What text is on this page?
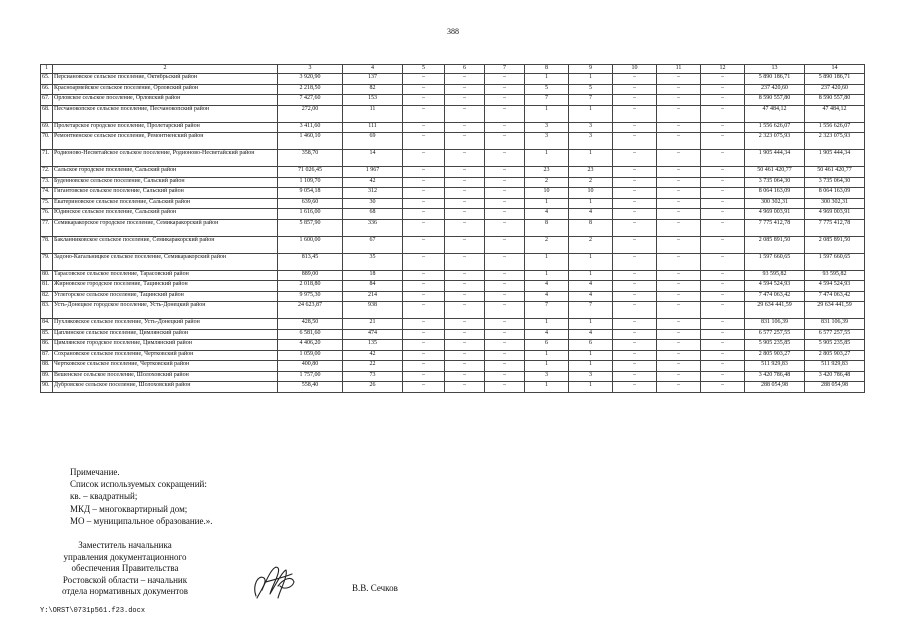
388
1	2	3	4	5	6	7	8	9	10	11	12	13	14
65.	Персиановское сельское поселение, Октябрьский район	3 920,90	137	–	–	–	1	1	–	–	–	5 890 186,71	5 890 186,71
66.	Красноармейское сельское поселение, Орловский район	2 218,50	82	–	–	–	5	5	–	–	–	237 420,60	237 420,60
67.	Орловское сельское поселение, Орловский район	7 427,60	153	–	–	–	7	7	–	–	–	8 590 557,80	8 590 557,80
68.	Песчанокопское сельское поселение, Песчанокопский район	272,00	11	–	–	–	1	1	–	–	–	47 484,12	47 484,12
69.	Пролетарское городское поселение, Пролетарский район	3 411,60	111	–	–	–	3	3	–	–	–	1 556 626,07	1 556 626,07
70.	Ремонтненское сельское поселение, Ремонтненский район	1 460,10	69	–	–	–	3	3	–	–	–	2 323 075,93	2 323 075,93
71.	Родионово-Несветайское сельское поселение, Родионово-Несветайский район	358,70	14	–	–	–	1	1	–	–	–	1 905 444,34	1 905 444,34
72.	Сальское городское поселение, Сальский район	71 026,45	1 967	–	–	–	23	23	–	–	–	50 461 420,77	50 461 420,77
73.	Буденновское сельское поселение, Сальский район	1 109,70	42	–	–	–	2	2	–	–	–	3 735 064,30	3 735 064,30
74.	Гигантовское сельское поселение, Сальский район	9 054,18	312	–	–	–	10	10	–	–	–	8 064 163,09	8 064 163,09
75.	Екатериновское сельское поселение, Сальский район	639,60	30	–	–	–	1	1	–	–	–	300 302,31	300 302,31
76.	Юдинское сельское поселение, Сальский район	1 616,00	68	–	–	–	4	4	–	–	–	4 969 003,91	4 969 003,91
77.	Семикаракорское городское поселение, Семикаракорский район	5 857,90	336	–	–	–	8	8	–	–	–	7 775 412,78	7 775 412,78
78.	Бакланниковское сельское поселение, Семикаракорский район	1 600,00	67	–	–	–	2	2	–	–	–	2 085 891,50	2 085 891,50
79.	Задоно-Кагальницкое сельское поселение, Семикаракорский район	813,45	35	–	–	–	1	1	–	–	–	1 597 660,65	1 597 660,65
80.	Тарасовское сельское поселение, Тарасовский район	889,00	18	–	–	–	1	1	–	–	–	93 595,82	93 595,82
81.	Жирновское городское поселение, Тацинский район	2 018,80	84	–	–	–	4	4	–	–	–	4 594 524,93	4 594 524,93
82.	Углегорское сельское поселение, Тацинский район	9 975,30	214	–	–	–	4	4	–	–	–	7 474 063,42	7 474 063,42
83.	Усть-Донецкое городское поселение, Усть-Донецкий район	24 623,87	938	–	–	–	7	7	–	–	–	29 634 441,59	29 634 441,59
84.	Пухляковское сельское поселение, Усть-Донецкий район	428,50	21	–	–	–	1	1	–	–	–	831 106,39	831 106,39
85.	Цаплинское сельское поселение, Цимлянский район	6 581,60	474	–	–	–	4	4	–	–	–	6 577 257,55	6 577 257,55
86.	Цимлянское городское поселение, Цимлянский район	4 406,20	135	–	–	–	6	6	–	–	–	5 905 235,85	5 905 235,85
87.	Сохрановское сельское поселение, Чертковский район	1 059,00	42	–	–	–	1	1	–	–	–	2 805 903,27	2 805 903,27
88.	Чертковское сельское поселение, Чертковский район	400,80	22	–	–	–	1	1	–	–	–	511 929,83	511 929,83
89.	Вешенское сельское поселение, Шолоховский район	1 757,00	73	–	–	–	3	3	–	–	–	3 420 786,48	3 420 786,48
90.	Дубровское сельское поселение, Шолоховский район	558,40	26	–	–	–	1	1	–	–	–	288 054,98	288 054,98
Примечание.
Список используемых сокращений:
кв. – квадратный;
МКД – многоквартирный дом;
МО – муниципальное образование.».
Заместитель начальника
управления документационного
обеспечения Правительства
Ростовской области – начальник
отдела нормативных документов	В.В. Сечков
Y:\ORST\0731p561.f23.docx
